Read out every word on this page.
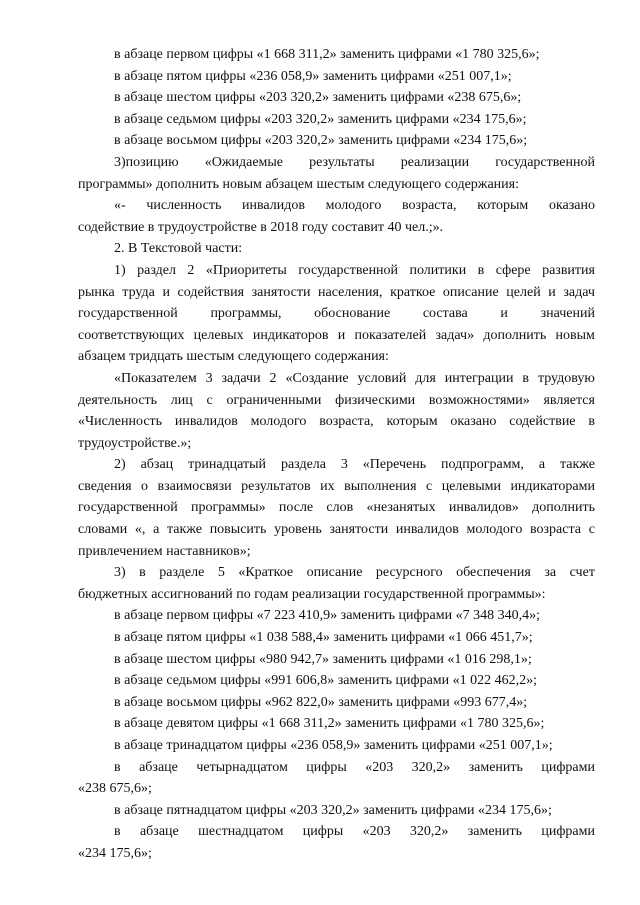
в абзаце первом цифры «1 668 311,2» заменить цифрами «1 780 325,6»;
в абзаце пятом цифры «236 058,9» заменить цифрами «251 007,1»;
в абзаце шестом цифры «203 320,2» заменить цифрами «238 675,6»;
в абзаце седьмом цифры «203 320,2» заменить цифрами «234 175,6»;
в абзаце восьмом цифры «203 320,2» заменить цифрами «234 175,6»;
3)позицию «Ожидаемые результаты реализации государственной
программы» дополнить новым абзацем шестым следующего содержания:
«- численность инвалидов молодого возраста, которым оказано
содействие в трудоустройстве в 2018 году составит 40 чел.;».
2. В Текстовой части:
1) раздел 2 «Приоритеты государственной политики в сфере развития
рынка труда и содействия занятости населения, краткое описание целей и задач
государственной программы, обоснование состава и значений
соответствующих целевых индикаторов и показателей задач» дополнить новым
абзацем тридцать шестым следующего содержания:
«Показателем 3 задачи 2 «Создание условий для интеграции в трудовую
деятельность лиц с ограниченными физическими возможностями» является
«Численность инвалидов молодого возраста, которым оказано содействие в
трудоустройстве.»;
2) абзац тринадцатый раздела 3 «Перечень подпрограмм, а также
сведения о взаимосвязи результатов их выполнения с целевыми индикаторами
государственной программы» после слов «незанятых инвалидов» дополнить
словами «, а также повысить уровень занятости инвалидов молодого возраста с
привлечением наставников»;
3) в разделе 5 «Краткое описание ресурсного обеспечения за счет
бюджетных ассигнований по годам реализации государственной программы»:
в абзаце первом цифры «7 223 410,9» заменить цифрами «7 348 340,4»;
в абзаце пятом цифры «1 038 588,4» заменить цифрами «1 066 451,7»;
в абзаце шестом цифры «980 942,7» заменить цифрами «1 016 298,1»;
в абзаце седьмом цифры «991 606,8» заменить цифрами «1 022 462,2»;
в абзаце восьмом цифры «962 822,0» заменить цифрами «993 677,4»;
в абзаце девятом цифры «1 668 311,2» заменить цифрами «1 780 325,6»;
в абзаце тринадцатом цифры «236 058,9» заменить цифрами «251 007,1»;
в абзаце четырнадцатом цифры «203 320,2» заменить цифрами
«238 675,6»;
в абзаце пятнадцатом цифры «203 320,2» заменить цифрами «234 175,6»;
в абзаце шестнадцатом цифры «203 320,2» заменить цифрами
«234 175,6»;
